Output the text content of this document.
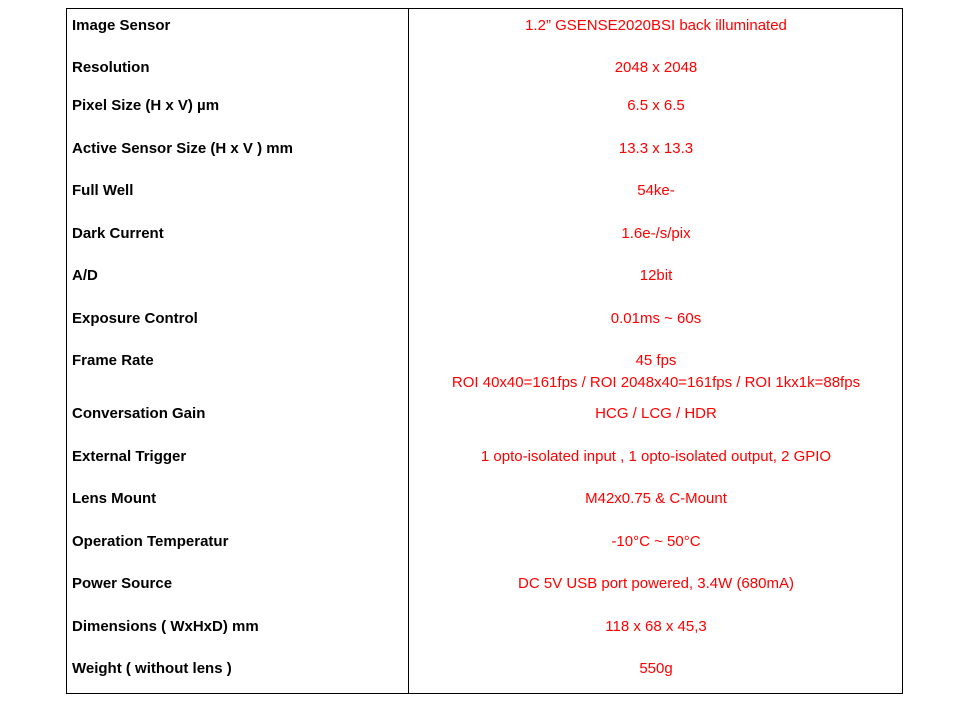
Image Sensor	1.2” GSENSE2020BSI back illuminated
Resolution	2048 x 2048
Pixel Size (H x V) µm	6.5 x 6.5
Active Sensor Size (H x V ) mm	13.3 x 13.3
Full Well	54ke-
Dark Current	1.6e-/s/pix
A/D	12bit
Exposure Control	0.01ms ~ 60s
Frame Rate	45 fps
ROI 40x40=161fps / ROI 2048x40=161fps / ROI 1kx1k=88fps
Conversation Gain	HCG / LCG / HDR
External Trigger	1 opto-isolated input , 1 opto-isolated output, 2 GPIO
Lens Mount	M42x0.75 & C-Mount
Operation Temperatur	-10°C ~ 50°C
Power Source	DC 5V USB port powered, 3.4W (680mA)
Dimensions ( WxHxD) mm	118 x 68 x 45,3
Weight ( without lens )	550g
